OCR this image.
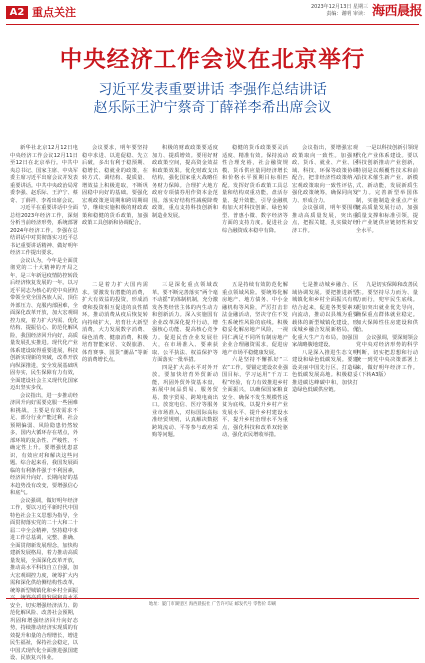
A2 重点关注	2023年12月13日 星期三
责编：谢明 审读： 海西晨报
中央经济工作会议在北京举行
习近平发表重要讲话 李强作总结讲话
赵乐际王沪宁蔡奇丁薛祥李希出席会议

新华社北京12月12日电 中央经济工作会议12月11日至12日在北京举行。中共中央总书记、国家主席、中央军委主席习近平出席会议并发表重要讲话。中共中央政治局常委李强、赵乐际、王沪宁、蔡奇、丁薛祥、李希出席会议。

习近平在重要讲话中全面总结2023年经济工作，深刻分析当前经济形势，系统部署2024年经济工作。李强在总结讲话中对贯彻落实习近平总书记重要讲话精神、做好明年经济工作提出要求。

会议认为，今年是全面贯彻党的二十大精神的开局之年，是三年新冠疫情防控转段后经济恢复发展的一年。以习近平同志为核心的党中央团结带领全党全国各族人民，顶住外部压力、克服内部困难，全面深化改革开放，加大宏观调控力度，着力扩大内需、优化结构、提振信心、防范化解风险，我国经济回升向好，高质量发展扎实推进。现代化产业体系建设取得重要进展，科技创新实现新的突破，改革开放向纵深推进，安全发展基础巩固夯实，民生保障有力有效，全面建设社会主义现代化国家迈出坚实步伐。

会议指出，进一步推动经济回升向好需要克服一些困难和挑战，主要是有效需求不足、部分行业产能过剩、社会预期偏弱、风险隐患仍然较多，国内大循环存在堵点，外部环境的复杂性、严峻性、不确定性上升。要增强忧患意识，有效应对和解决这些问题。综合起来看，我国发展面临的有利条件强于不利因素，经济回升向好、长期向好的基本趋势没有改变，要增强信心和底气。

会议强调，做好明年经济工作，要以习近平新时代中国特色社会主义思想为指导，全面贯彻落实党的二十大和二十届二中全会精神，坚持稳中求进工作总基调，完整、准确、全面贯彻新发展理念，加快构建新发展格局，着力推动高质量发展，全面深化改革开放，推动高水平科技自立自强，加大宏观调控力度，统筹扩大内需和深化供给侧结构性改革，统筹新型城镇化和乡村全面振 安全，切实增强经济活力、防范化解风险、改善社会预期，巩固和增强经济回升向好态势，持续推动经济实现质的有效提升和量的合理增长，增进民生福祉，保持社会稳定，以中国式现代化全面推进强国建设、民族复兴伟业。

会议要求，明年要坚持稳中求进、以进促稳、先立后破，多出有利于稳预期、稳增长、稳就业的政策，在转方式、调结构、提质量、增效益上积极进取，不断巩固稳中向好的基础。要强化宏观政策逆周期和跨周期调节，继续实施积极的财政政策和稳健的货币政策，加强政策工具创新和协调配合。

积极的财政政策要适度加力、提质增效。要用好财政政策空间，提高资金效益和政策效果。优化财政支出结构，强化国家重大战略任务财力保障。合理扩大地方政府专项债券用作资本金范围。落实好结构性减税降费政策，重点支持科技创新和制造业发展。

稳健的货币政策要灵活适度、精准有效。保持流动性合理充裕，社会融资规模、货币供应量同经济增长和价格水平预期目标相匹配。发挥好货币政策工具总量和结构双重功能，盘活存量、提升效能，引导金融机构加大对科技创新、绿色转型、普惠小微、数字经济等方面的支持力度。促进社会综合融资成本稳中有降。

会议指出，要增强宏观政策取向一致性。加强财政、货币、就业、产业、区域、科技、环保等政策协调配合，把非经济性政策纳入宏观政策取向一致性评估，强化政策统筹，确保同向发力、形成合力。

会议强调，明年要围绕推动高质量发展，突出重点，把握关键，扎实做好经济工作。

一是以科技创新引领现代化产业体系建设。要以科技创新推动产业创新，特别是以颠覆性技术和前沿技术催生新产业、新模式、新动能，发展新质生产力。完善新型举国体制，实施制造业重点产业链高质量发展行动，加强质量支撑和标准引领，提升产业链供应链韧性和安全水平。

二是着力扩大国内需求。要激发有潜能的消费，扩大有效益的投资，形成消费和投资相互促进的良性循环。推动消费从疫后恢复转向持续扩大，培育壮大新型消费，大力发展数字消费、绿色消费、健康消费，积极培育智能家居、文娱旅游、体育赛事、国货“潮品”等新的消费增长点。

三是深化重点领域改革。要不断完善落实“两个毫不动摇”的体制机制，充分激发各类经营主体的内生动力和创新活力。深入实施国有企业改革深化提升行动，增强核心功能、提高核心竞争力。促进民营企业发展壮大，在市场准入、要素获取、公平执法、权益保护等方面落实一批举措。

四是扩大高水平对外开放。要加快培育外贸新动能，巩固外贸外资基本盘，拓展中间品贸易、服务贸易、数字贸易、跨境电商出口。放宽电信、医疗等服务业市场准入，对标国际高标准经贸规则，认真解决数据跨境流动、平等参与政府采购等问题。

五是持续有效防范化解重点领域风险。要统筹化解房地产、地方债务、中小金融机构等风险，严厉打击非法金融活动，坚决守住不发生系统性风险的底线。积极稳妥化解房地产风险，一视同仁满足不同所有制房地产企业合理融资需求，促进房地产市场平稳健康发展。

六是坚持不懈抓好“三农”工作。要锚定建设农业强国目标，学习运用“千万工程”经验，有力有效推进乡村全面振兴，以确保国家粮食安全、确保不发生规模性返贫为底线，以提升乡村产业发展水平、提升乡村建设水平、提升乡村治理水平为重点，强化科技和改革双轮驱动，强化农民增收举措。

七是推动城乡融合、区域协调发展。要把推进新型城镇化和乡村全面振兴有机结合起来，促进各类要素双向流动，推动以县城为重要载体的新型城镇化建设，形成城乡融合发展新格局。优化重大生产力布局，加强国家战略腹地建设。

八是深入推进生态文明建设和绿色低碳发展。要建设美丽中国先行区，打造绿色低碳发展高地。积极稳妥推进碳达峰碳中和，加快打造绿色低碳供应链。

九是切实保障和改善民生。要坚持尽力而为、量力而行，兜牢民生底线。更加突出就业优先导向，确保重点群体就业稳定。加大保障性住房建设和供给。

会议强调，要深刻领会党中央对经济形势的科学判断，切实把思想和行动统一到党中央决策部署上来，做好明年经济工作。（下转A3版）

地址：厦门市湖里区 海西晨报社 广告许可证 邮发代号 零售价 印刷
